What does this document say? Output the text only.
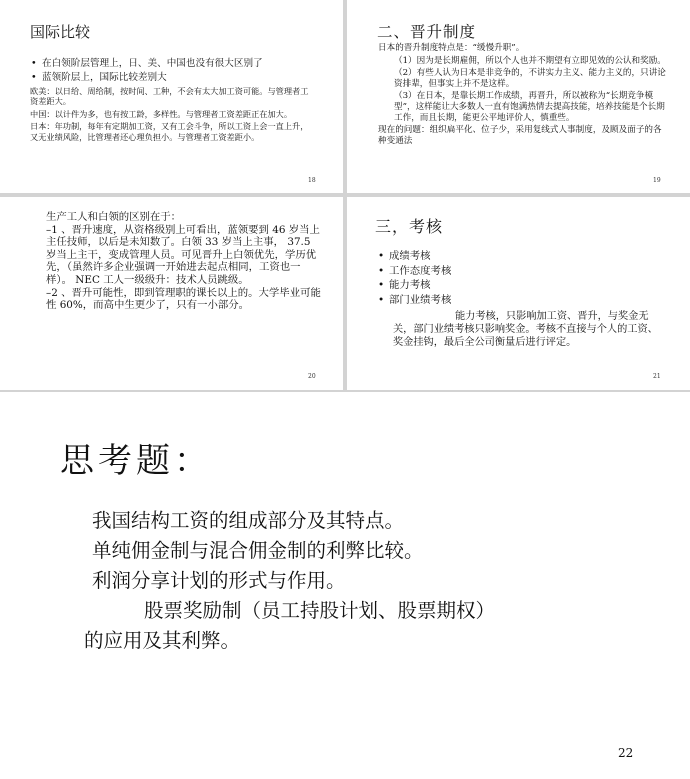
国际比较
• 在白领阶层管理上，日、美、中国也没有很大区别了
• 蓝领阶层上，国际比较差别大

欧美：以日给、周给制，按时间、工种，不会有太大加工资可能。与管理者工资差距大。

中国：以计件为多，也有按工龄，多样性。与管理者工资差距正在加大。

日本：年功制，每年有定期加工资，又有工会斗争，所以工资上会一直上升，又无业绩风险，比管理者还心理负担小。与管理者工资差距小。

18
二、晋升制度

日本的晋升制度特点是：“缓慢升职”。

（1）因为是长期雇佣，所以个人也并不期望有立即见效的公认和奖励。

（2）有些人认为日本是非竞争的，不讲实力主义、能力主义的，只讲论资排辈，但事实上并不是这样。

（3）在日本，是靠长期工作成绩，再晋升，所以被称为“长期竞争模型”，这样能让大多数人一直有饱满热情去提高技能，培养技能是个长期工作，而且长期，能更公平地评价人，慎重些。

现在的问题：组织扁平化、位子少，采用复线式人事制度，及顾及面子的各种变通法

19

生产工人和白领的区别在于：

–1 、晋升速度，从资格级别上可看出，蓝领要到 46 岁当上主任技师，以后是未知数了。白领 33 岁当上主事， 37.5 岁当上主干，变成管理人员。可见晋升上白领优先，学历优先，（虽然许多企业强调一开始进去起点相同，工资也一样）。 NEC 工人一级级升：技术人员跳级。

–2 、晋升可能性，即到管理职的课长以上的。大学毕业可能性 60%，而高中生更少了，只有一小部分。

20
三，考核
• 成绩考核
• 工作态度考核
• 能力考核
• 部门业绩考核

能力考核，只影响加工资、晋升，与奖金无关，部门业绩考核只影响奖金。考核不直接与个人的工资、奖金挂钩，最后全公司衡量后进行评定。

21
思考题：

我国结构工资的组成部分及其特点。

单纯佣金制与混合佣金制的利弊比较。

利润分享计划的形式与作用。

股票奖励制（员工持股计划、股票期权）

的应用及其利弊。

22
